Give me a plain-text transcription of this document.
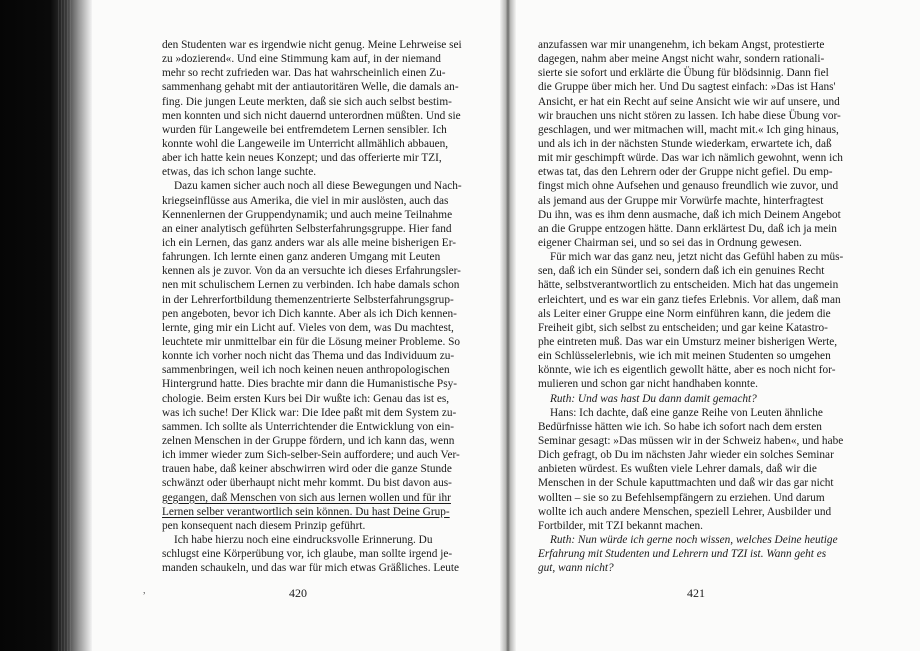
den Studenten war es irgendwie nicht genug. Meine Lehrweise sei
zu »dozierend«. Und eine Stimmung kam auf, in der niemand
mehr so recht zufrieden war. Das hat wahrscheinlich einen Zu-
sammenhang gehabt mit der antiautoritären Welle, die damals an-
fing. Die jungen Leute merkten, daß sie sich auch selbst bestim-
men konnten und sich nicht dauernd unterordnen müßten. Und sie
wurden für Langeweile bei entfremdetem Lernen sensibler. Ich
konnte wohl die Langeweile im Unterricht allmählich abbauen,
aber ich hatte kein neues Konzept; und das offerierte mir TZI,
etwas, das ich schon lange suchte.
Dazu kamen sicher auch noch all diese Bewegungen und Nach-
kriegseinflüsse aus Amerika, die viel in mir auslösten, auch das
Kennenlernen der Gruppendynamik; und auch meine Teilnahme
an einer analytisch geführten Selbsterfahrungsgruppe. Hier fand
ich ein Lernen, das ganz anders war als alle meine bisherigen Er-
fahrungen. Ich lernte einen ganz anderen Umgang mit Leuten
kennen als je zuvor. Von da an versuchte ich dieses Erfahrungsler-
nen mit schulischem Lernen zu verbinden. Ich habe damals schon
in der Lehrerfortbildung themenzentrierte Selbsterfahrungsgrup-
pen angeboten, bevor ich Dich kannte. Aber als ich Dich kennen-
lernte, ging mir ein Licht auf. Vieles von dem, was Du machtest,
leuchtete mir unmittelbar ein für die Lösung meiner Probleme. So
konnte ich vorher noch nicht das Thema und das Individuum zu-
sammenbringen, weil ich noch keinen neuen anthropologischen
Hintergrund hatte. Dies brachte mir dann die Humanistische Psy-
chologie. Beim ersten Kurs bei Dir wußte ich: Genau das ist es,
was ich suche! Der Klick war: Die Idee paßt mit dem System zu-
sammen. Ich sollte als Unterrichtender die Entwicklung von ein-
zelnen Menschen in der Gruppe fördern, und ich kann das, wenn
ich immer wieder zum Sich-selber-Sein auffordere; und auch Ver-
trauen habe, daß keiner abschwirren wird oder die ganze Stunde
schwänzt oder überhaupt nicht mehr kommt. Du bist davon aus-
gegangen, daß Menschen von sich aus lernen wollen und für ihr
Lernen selber verantwortlich sein können. Du hast Deine Grup-
pen konsequent nach diesem Prinzip geführt.
Ich habe hierzu noch eine eindrucksvolle Erinnerung. Du
schlugst eine Körperübung vor, ich glaube, man sollte irgend je-
manden schaukeln, und das war für mich etwas Gräßliches. Leute
anzufassen war mir unangenehm, ich bekam Angst, protestierte
dagegen, nahm aber meine Angst nicht wahr, sondern rationali-
sierte sie sofort und erklärte die Übung für blödsinnig. Dann fiel
die Gruppe über mich her. Und Du sagtest einfach: »Das ist Hans'
Ansicht, er hat ein Recht auf seine Ansicht wie wir auf unsere, und
wir brauchen uns nicht stören zu lassen. Ich habe diese Übung vor-
geschlagen, und wer mitmachen will, macht mit.« Ich ging hinaus,
und als ich in der nächsten Stunde wiederkam, erwartete ich, daß
mit mir geschimpft würde. Das war ich nämlich gewohnt, wenn ich
etwas tat, das den Lehrern oder der Gruppe nicht gefiel. Du emp-
fingst mich ohne Aufsehen und genauso freundlich wie zuvor, und
als jemand aus der Gruppe mir Vorwürfe machte, hinterfragtest
Du ihn, was es ihm denn ausmache, daß ich mich Deinem Angebot
an die Gruppe entzogen hätte. Dann erklärtest Du, daß ich ja mein
eigener Chairman sei, und so sei das in Ordnung gewesen.
Für mich war das ganz neu, jetzt nicht das Gefühl haben zu müs-
sen, daß ich ein Sünder sei, sondern daß ich ein genuines Recht
hätte, selbstverantwortlich zu entscheiden. Mich hat das ungemein
erleichtert, und es war ein ganz tiefes Erlebnis. Vor allem, daß man
als Leiter einer Gruppe eine Norm einführen kann, die jedem die
Freiheit gibt, sich selbst zu entscheiden; und gar keine Katastro-
phe eintreten muß. Das war ein Umsturz meiner bisherigen Werte,
ein Schlüsselerlebnis, wie ich mit meinen Studenten so umgehen
könnte, wie ich es eigentlich gewollt hätte, aber es noch nicht for-
mulieren und schon gar nicht handhaben konnte.
Ruth: Und was hast Du dann damit gemacht?
Hans: Ich dachte, daß eine ganze Reihe von Leuten ähnliche
Bedürfnisse hätten wie ich. So habe ich sofort nach dem ersten
Seminar gesagt: »Das müssen wir in der Schweiz haben«, und habe
Dich gefragt, ob Du im nächsten Jahr wieder ein solches Seminar
anbieten würdest. Es wußten viele Lehrer damals, daß wir die
Menschen in der Schule kaputtmachten und daß wir das gar nicht
wollten – sie so zu Befehlsempfängern zu erziehen. Und darum
wollte ich auch andere Menschen, speziell Lehrer, Ausbilder und
Fortbilder, mit TZI bekannt machen.
Ruth: Nun würde ich gerne noch wissen, welches Deine heutige
Erfahrung mit Studenten und Lehrern und TZI ist. Wann geht es
gut, wann nicht?
,	420	421
